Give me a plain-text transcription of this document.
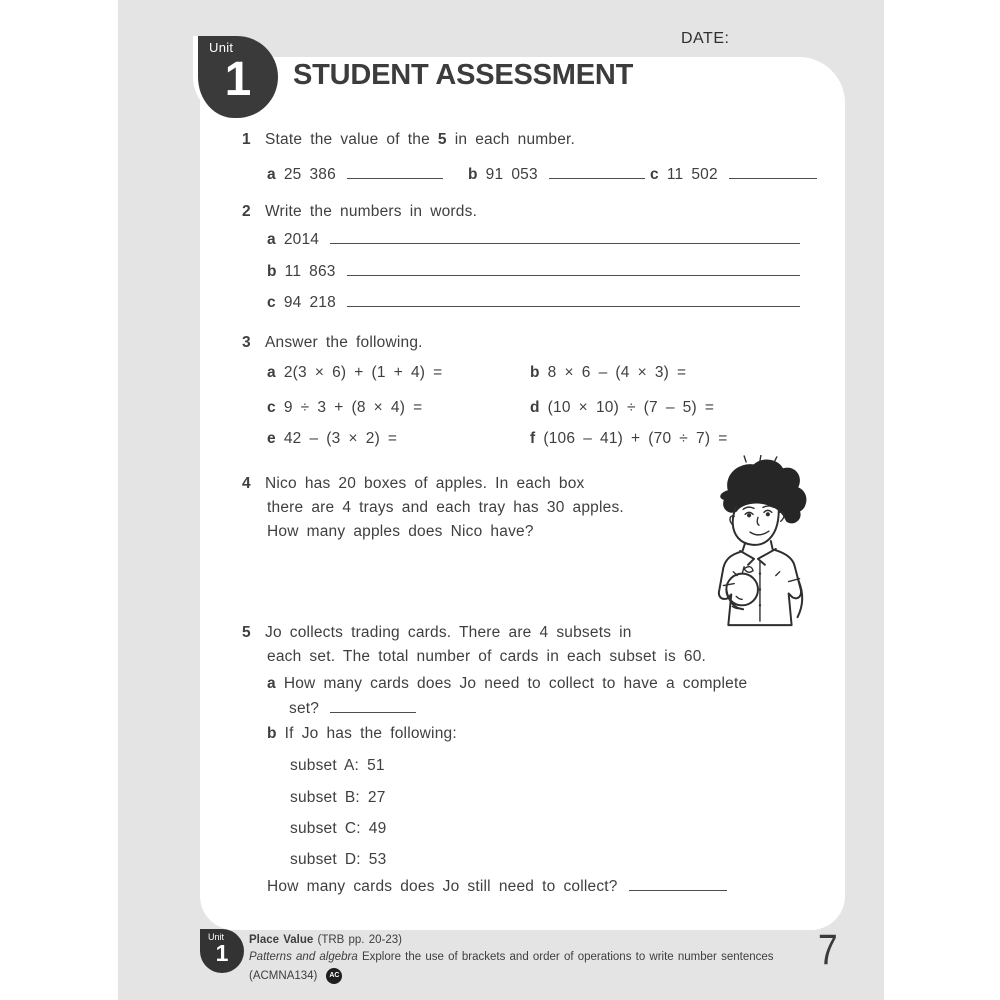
DATE:
1 State the value of the 5 in each number.
a 25 386	b 91 053	c 11 502
2 Write the numbers in words.
a 2014
b 11 863
c 94 218
3 Answer the following.
a 2(3 × 6) + (1 + 4) =	b 8 × 6 – (4 × 3) =
c 9 ÷ 3 + (8 × 4) =	d (10 × 10) ÷ (7 – 5) =
e 42 – (3 × 2) =	f (106 – 41) + (70 ÷ 7) =
4 Nico has 20 boxes of apples. In each box
there are 4 trays and each tray has 30 apples.
How many apples does Nico have?
5 Jo collects trading cards. There are 4 subsets in
each set. The total number of cards in each subset is 60.
a How many cards does Jo need to collect to have a complete
set?
b If Jo has the following:
subset A: 51
subset B: 27
subset C: 49
subset D: 53
How many cards does Jo still need to collect?
Unit
1	STUDENT ASSESSMENT
Unit
1	Place Value (TRB pp. 20-23)
Patterns and algebra Explore the use of brackets and order of operations to write number sentences
(ACMNA134) AC
7
